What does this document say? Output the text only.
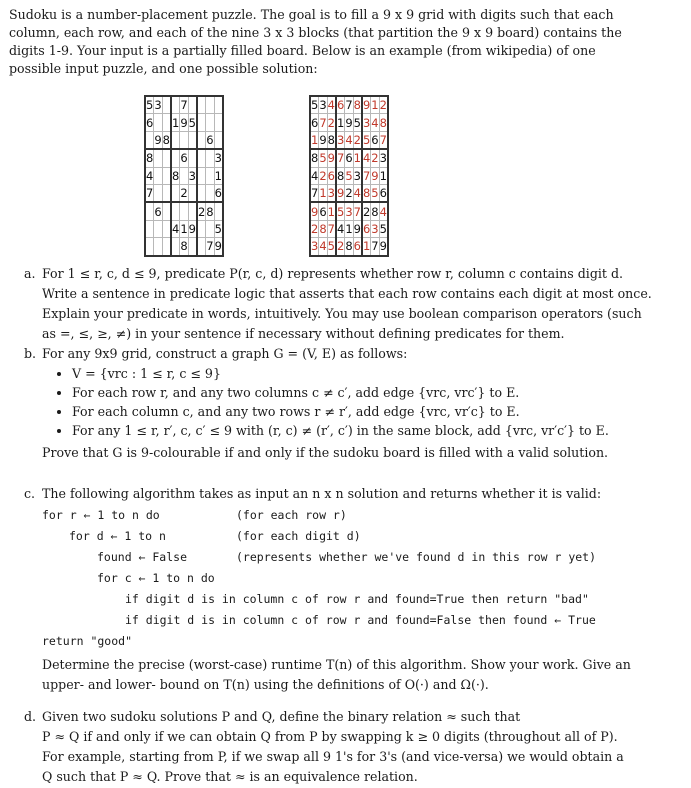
Sudoku is a number-placement puzzle. The goal is to fill a 9 x 9 grid with digits such that each

column, each row, and each of the nine 3 x 3 blocks (that partition the 9 x 9 board) contains the

digits 1-9. Your input is a partially filled board. Below is an example (from wikipedia) of one

possible input puzzle, and one possible solution:

5	3			7				
6			1	9	5			
	9	8					6	
8				6				3
4			8		3			1
7				2				6
	6					2	8	
			4	1	9			5
				8			7	9
5	3	4	6	7	8	9	1	2
6	7	2	1	9	5	3	4	8
1	9	8	3	4	2	5	6	7
8	5	9	7	6	1	4	2	3
4	2	6	8	5	3	7	9	1
7	1	3	9	2	4	8	5	6
9	6	1	5	3	7	2	8	4
2	8	7	4	1	9	6	3	5
3	4	5	2	8	6	1	7	9

a. For 1 ≤ r, c, d ≤ 9, predicate P(r, c, d) represents whether row r, column c contains digit d.

Write a sentence in predicate logic that asserts that each row contains each digit at most once.

Explain your predicate in words, intuitively. You may use boolean comparison operators (such

as =, ≤, ≥, ≠) in your sentence if necessary without defining predicates for them.

b. For any 9x9 grid, construct a graph G = (V, E) as follows:

• V = {vrc : 1 ≤ r, c ≤ 9}
• For each row r, and any two columns c ≠ c′, add edge {vrc, vrc′} to E.
• For each column c, and any two rows r ≠ r′, add edge {vrc, vr′c} to E.
• For any 1 ≤ r, r′, c, c′ ≤ 9 with (r, c) ≠ (r′, c′) in the same block, add {vrc, vr′c′} to E.

Prove that G is 9-colourable if and only if the sudoku board is filled with a valid solution.

c. The following algorithm takes as input an n x n solution and returns whether it is valid:

for r ← 1 to n do	(for each row r)
for d ← 1 to n	(for each digit d)
found ← False	(represents whether we've found d in this row r yet)
for c ← 1 to n do
if digit d is in column c of row r and found=True then return "bad"
if digit d is in column c of row r and found=False then found ← True
return "good"

Determine the precise (worst-case) runtime T(n) of this algorithm. Show your work. Give an

upper- and lower- bound on T(n) using the definitions of O(·) and Ω(·).

d. Given two sudoku solutions P and Q, define the binary relation ≈ such that

P ≈ Q if and only if we can obtain Q from P by swapping k ≥ 0 digits (throughout all of P).

For example, starting from P, if we swap all 9 1's for 3's (and vice-versa) we would obtain a

Q such that P ≈ Q. Prove that ≈ is an equivalence relation.
